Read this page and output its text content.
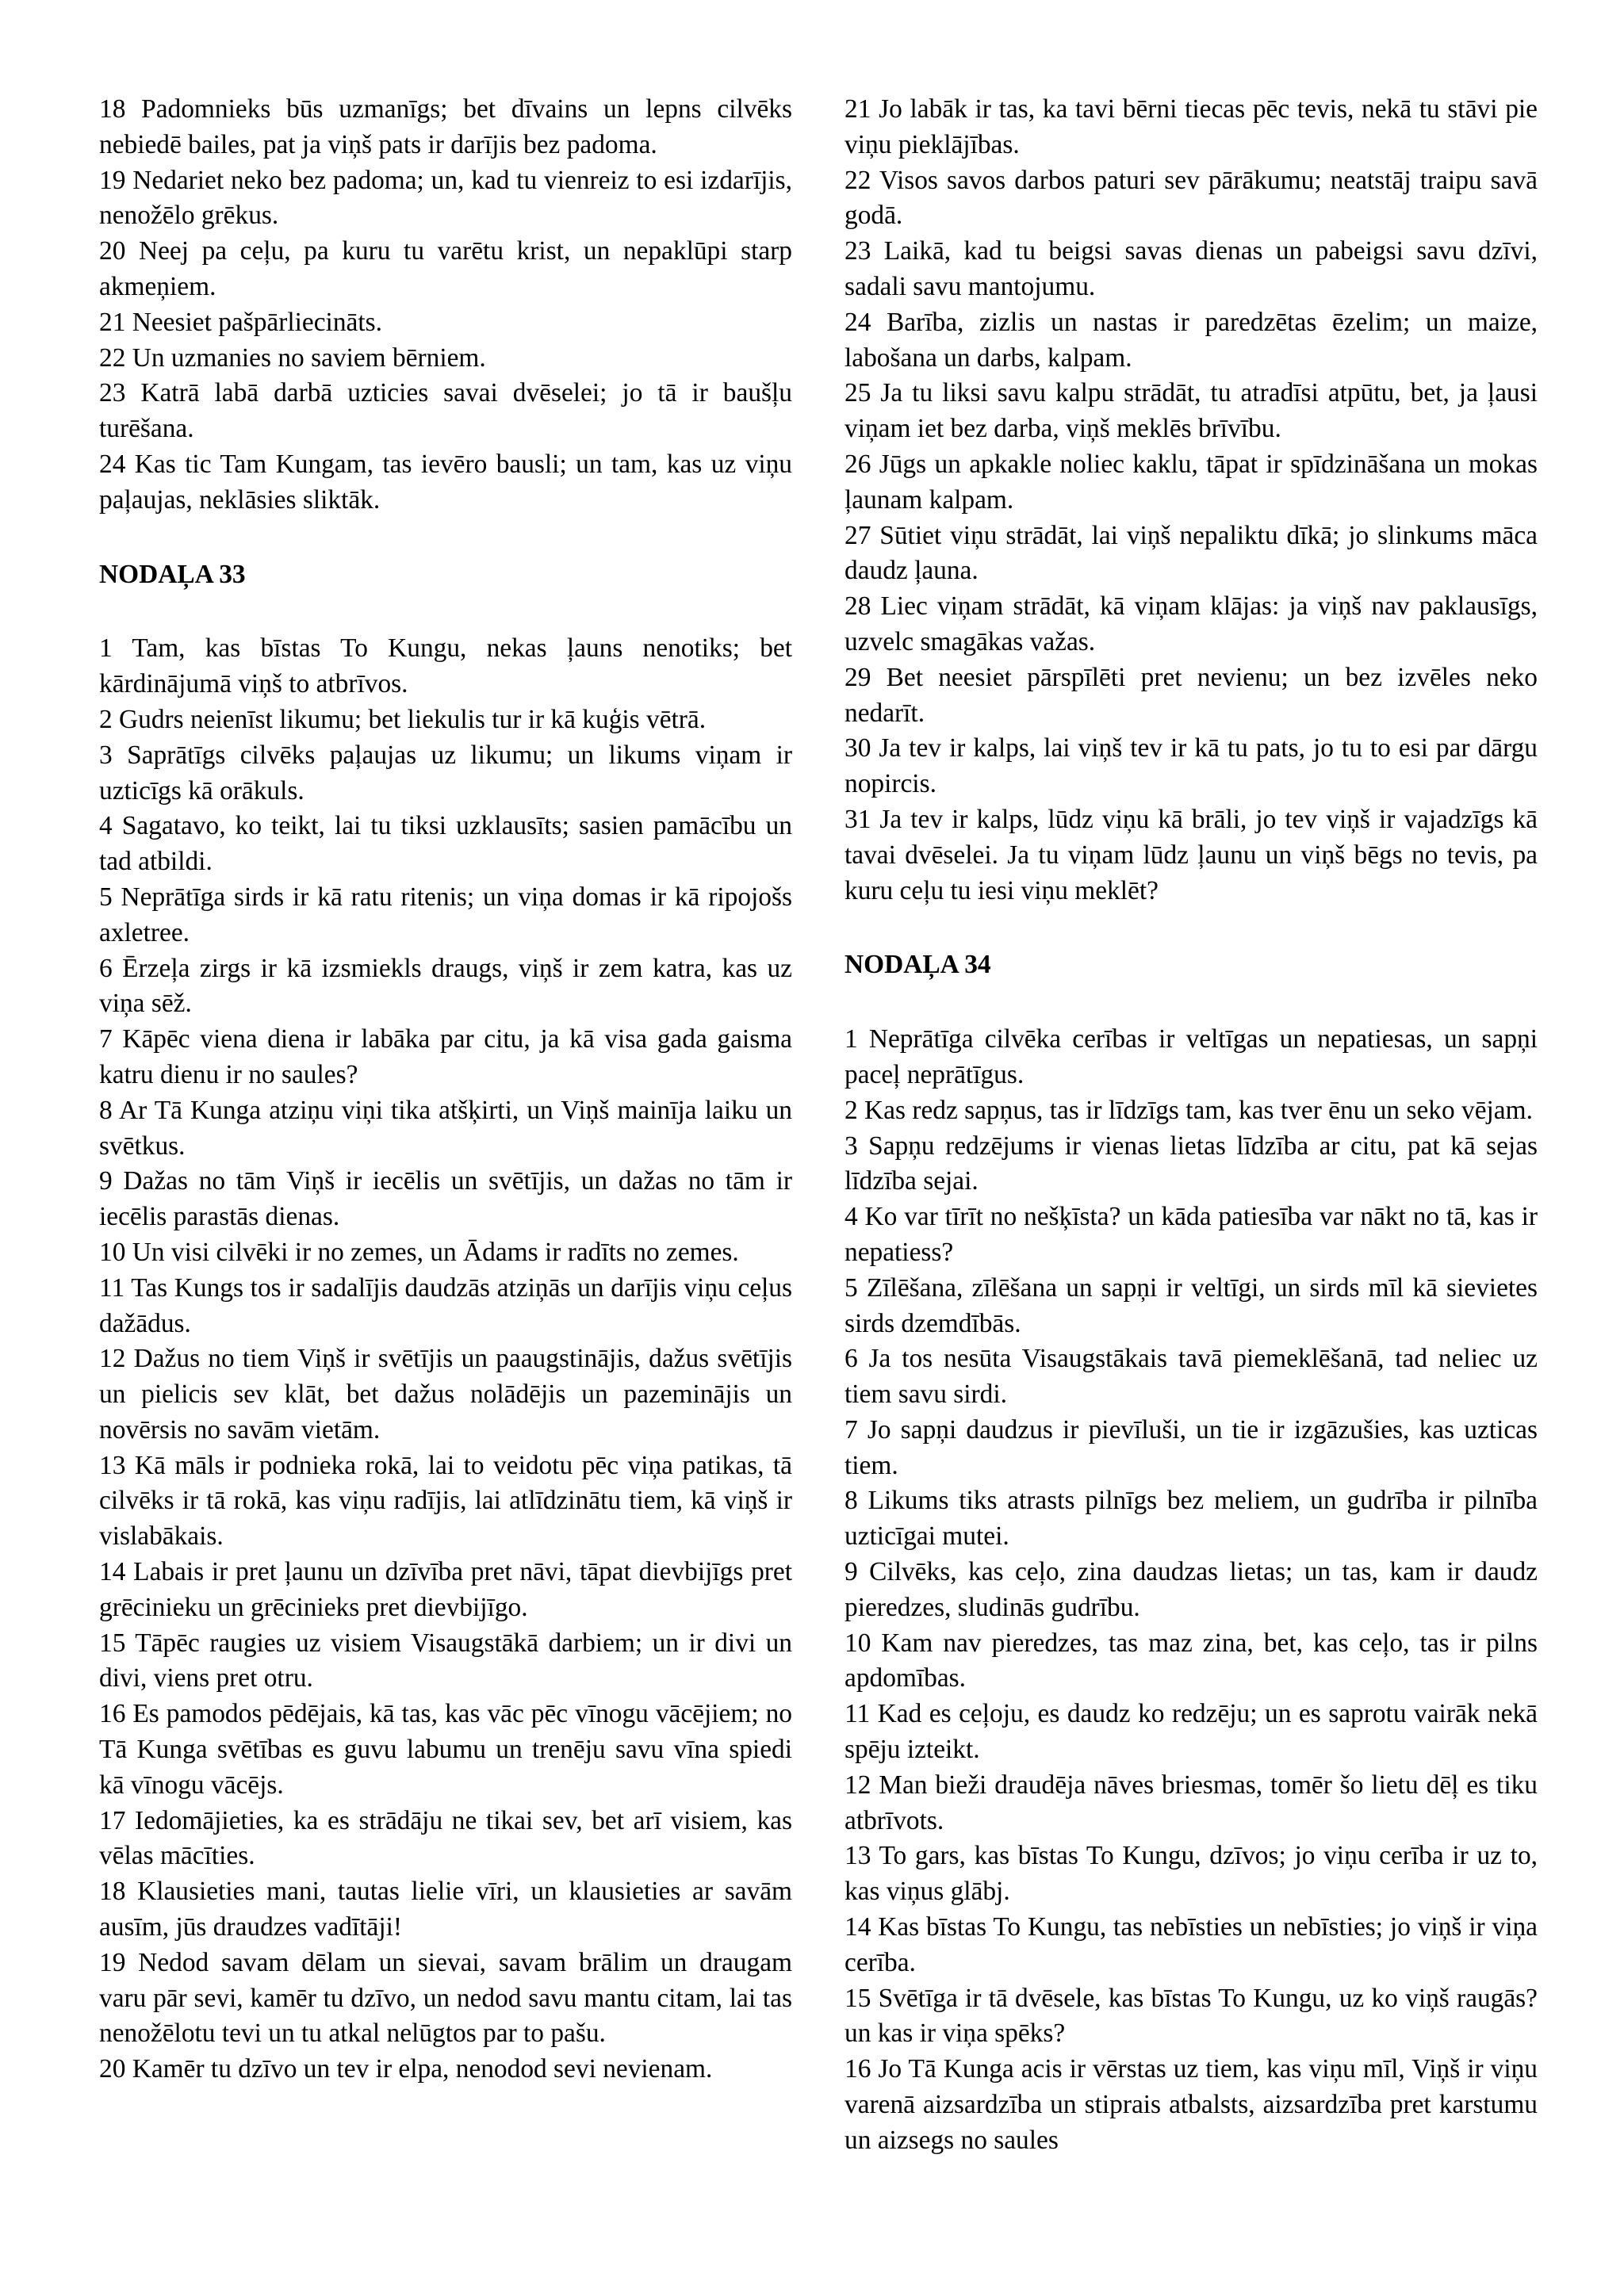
18 Padomnieks būs uzmanīgs; bet dīvains un lepns cilvēks nebiedē bailes, pat ja viņš pats ir darījis bez padoma.

19 Nedariet neko bez padoma; un, kad tu vienreiz to esi izdarījis, nenožēlo grēkus.

20 Neej pa ceļu, pa kuru tu varētu krist, un nepaklūpi starp akmeņiem.

21 Neesiet pašpārliecināts.

22 Un uzmanies no saviem bērniem.

23 Katrā labā darbā uzticies savai dvēselei; jo tā ir baušļu turēšana.

24 Kas tic Tam Kungam, tas ievēro bausli; un tam, kas uz viņu paļaujas, neklāsies sliktāk.

NODAĻA 33

1 Tam, kas bīstas To Kungu, nekas ļauns nenotiks; bet kārdinājumā viņš to atbrīvos.

2 Gudrs neienīst likumu; bet liekulis tur ir kā kuģis vētrā.

3 Saprātīgs cilvēks paļaujas uz likumu; un likums viņam ir uzticīgs kā orākuls.

4 Sagatavo, ko teikt, lai tu tiksi uzklausīts; sasien pamācību un tad atbildi.

5 Neprātīga sirds ir kā ratu ritenis; un viņa domas ir kā ripojošs axletree.

6 Ērzeļa zirgs ir kā izsmiekls draugs, viņš ir zem katra, kas uz viņa sēž.

7 Kāpēc viena diena ir labāka par citu, ja kā visa gada gaisma katru dienu ir no saules?

8 Ar Tā Kunga atziņu viņi tika atšķirti, un Viņš mainīja laiku un svētkus.

9 Dažas no tām Viņš ir iecēlis un svētījis, un dažas no tām ir iecēlis parastās dienas.

10 Un visi cilvēki ir no zemes, un Ādams ir radīts no zemes.

11 Tas Kungs tos ir sadalījis daudzās atziņās un darījis viņu ceļus dažādus.

12 Dažus no tiem Viņš ir svētījis un paaugstinājis, dažus svētījis un pielicis sev klāt, bet dažus nolādējis un pazeminājis un novērsis no savām vietām.

13 Kā māls ir podnieka rokā, lai to veidotu pēc viņa patikas, tā cilvēks ir tā rokā, kas viņu radījis, lai atlīdzinātu tiem, kā viņš ir vislabākais.

14 Labais ir pret ļaunu un dzīvība pret nāvi, tāpat dievbijīgs pret grēcinieku un grēcinieks pret dievbijīgo.

15 Tāpēc raugies uz visiem Visaugstākā darbiem; un ir divi un divi, viens pret otru.

16 Es pamodos pēdējais, kā tas, kas vāc pēc vīnogu vācējiem; no Tā Kunga svētības es guvu labumu un trenēju savu vīna spiedi kā vīnogu vācējs.

17 Iedomājieties, ka es strādāju ne tikai sev, bet arī visiem, kas vēlas mācīties.

18 Klausieties mani, tautas lielie vīri, un klausieties ar savām ausīm, jūs draudzes vadītāji!

19 Nedod savam dēlam un sievai, savam brālim un draugam varu pār sevi, kamēr tu dzīvo, un nedod savu mantu citam, lai tas nenožēlotu tevi un tu atkal nelūgtos par to pašu.

20 Kamēr tu dzīvo un tev ir elpa, nenodod sevi nevienam.

21 Jo labāk ir tas, ka tavi bērni tiecas pēc tevis, nekā tu stāvi pie viņu pieklājības.

22 Visos savos darbos paturi sev pārākumu; neatstāj traipu savā godā.

23 Laikā, kad tu beigsi savas dienas un pabeigsi savu dzīvi, sadali savu mantojumu.

24 Barība, zizlis un nastas ir paredzētas ēzelim; un maize, labošana un darbs, kalpam.

25 Ja tu liksi savu kalpu strādāt, tu atradīsi atpūtu, bet, ja ļausi viņam iet bez darba, viņš meklēs brīvību.

26 Jūgs un apkakle noliec kaklu, tāpat ir spīdzināšana un mokas ļaunam kalpam.

27 Sūtiet viņu strādāt, lai viņš nepaliktu dīkā; jo slinkums māca daudz ļauna.

28 Liec viņam strādāt, kā viņam klājas: ja viņš nav paklausīgs, uzvelc smagākas važas.

29 Bet neesiet pārspīlēti pret nevienu; un bez izvēles neko nedarīt.

30 Ja tev ir kalps, lai viņš tev ir kā tu pats, jo tu to esi par dārgu nopircis.

31 Ja tev ir kalps, lūdz viņu kā brāli, jo tev viņš ir vajadzīgs kā tavai dvēselei. Ja tu viņam lūdz ļaunu un viņš bēgs no tevis, pa kuru ceļu tu iesi viņu meklēt?

NODAĻA 34

1 Neprātīga cilvēka cerības ir veltīgas un nepatiesas, un sapņi paceļ neprātīgus.

2 Kas redz sapņus, tas ir līdzīgs tam, kas tver ēnu un seko vējam.

3 Sapņu redzējums ir vienas lietas līdzība ar citu, pat kā sejas līdzība sejai.

4 Ko var tīrīt no nešķīsta? un kāda patiesība var nākt no tā, kas ir nepatiess?

5 Zīlēšana, zīlēšana un sapņi ir veltīgi, un sirds mīl kā sievietes sirds dzemdībās.

6 Ja tos nesūta Visaugstākais tavā piemeklēšanā, tad neliec uz tiem savu sirdi.

7 Jo sapņi daudzus ir pievīluši, un tie ir izgāzušies, kas uzticas tiem.

8 Likums tiks atrasts pilnīgs bez meliem, un gudrība ir pilnība uzticīgai mutei.

9 Cilvēks, kas ceļo, zina daudzas lietas; un tas, kam ir daudz pieredzes, sludinās gudrību.

10 Kam nav pieredzes, tas maz zina, bet, kas ceļo, tas ir pilns apdomības.

11 Kad es ceļoju, es daudz ko redzēju; un es saprotu vairāk nekā spēju izteikt.

12 Man bieži draudēja nāves briesmas, tomēr šo lietu dēļ es tiku atbrīvots.

13 To gars, kas bīstas To Kungu, dzīvos; jo viņu cerība ir uz to, kas viņus glābj.

14 Kas bīstas To Kungu, tas nebīsties un nebīsties; jo viņš ir viņa cerība.

15 Svētīga ir tā dvēsele, kas bīstas To Kungu, uz ko viņš raugās? un kas ir viņa spēks?

16 Jo Tā Kunga acis ir vērstas uz tiem, kas viņu mīl, Viņš ir viņu varenā aizsardzība un stiprais atbalsts, aizsardzība pret karstumu un aizsegs no saules
